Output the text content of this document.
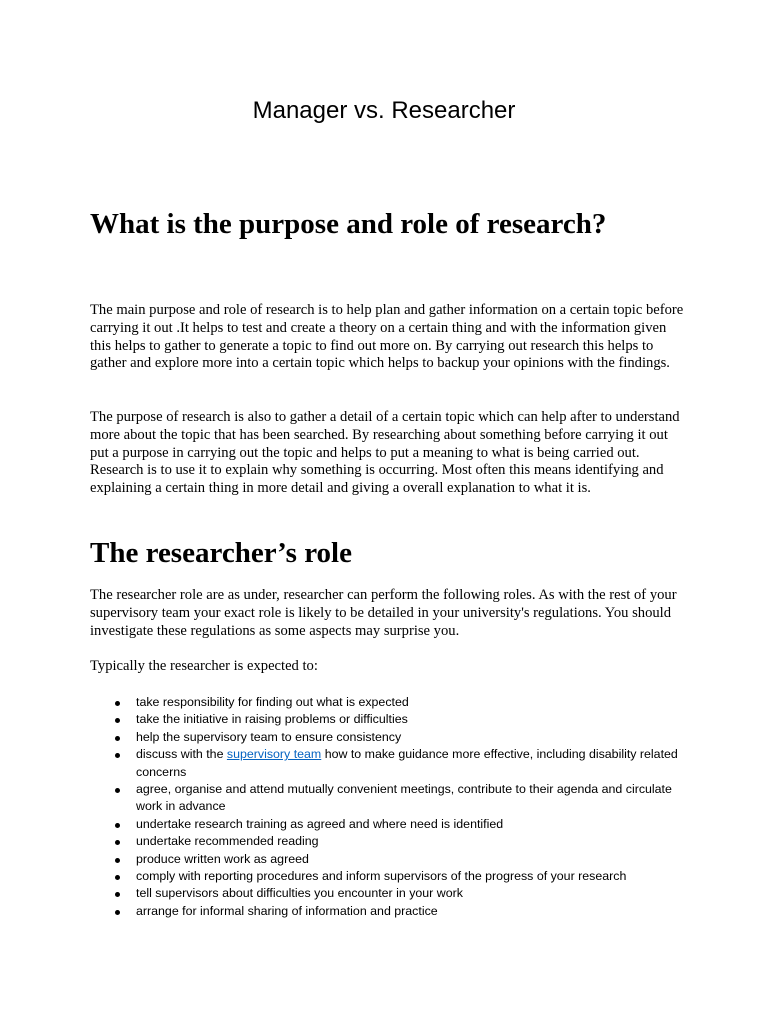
Manager vs. Researcher
What is the purpose and role of research?

The main purpose and role of research is to help plan and gather information on a certain topic before carrying it out .It helps to test and create a theory on a certain thing and with the information given this helps to gather to generate a topic to find out more on. By carrying out research this helps to gather and explore more into a certain topic which helps to backup your opinions with the findings.

The purpose of research is also to gather a detail of a certain topic which can help after to understand more about the topic that has been searched. By researching about something before carrying it out put a purpose in carrying out the topic and helps to put a meaning to what is being carried out. Research is to use it to explain why something is occurring. Most often this means identifying and explaining a certain thing in more detail and giving a overall explanation to what it is.

The researcher’s role

The researcher role are as under, researcher can perform the following roles. As with the rest of your supervisory team your exact role is likely to be detailed in your university's regulations. You should investigate these regulations as some aspects may surprise you.

Typically the researcher is expected to:

take responsibility for finding out what is expected
take the initiative in raising problems or difficulties
help the supervisory team to ensure consistency
discuss with the supervisory team how to make guidance more effective, including disability related concerns
agree, organise and attend mutually convenient meetings, contribute to their agenda and circulate work in advance
undertake research training as agreed and where need is identified
undertake recommended reading
produce written work as agreed
comply with reporting procedures and inform supervisors of the progress of your research
tell supervisors about difficulties you encounter in your work
arrange for informal sharing of information and practice
